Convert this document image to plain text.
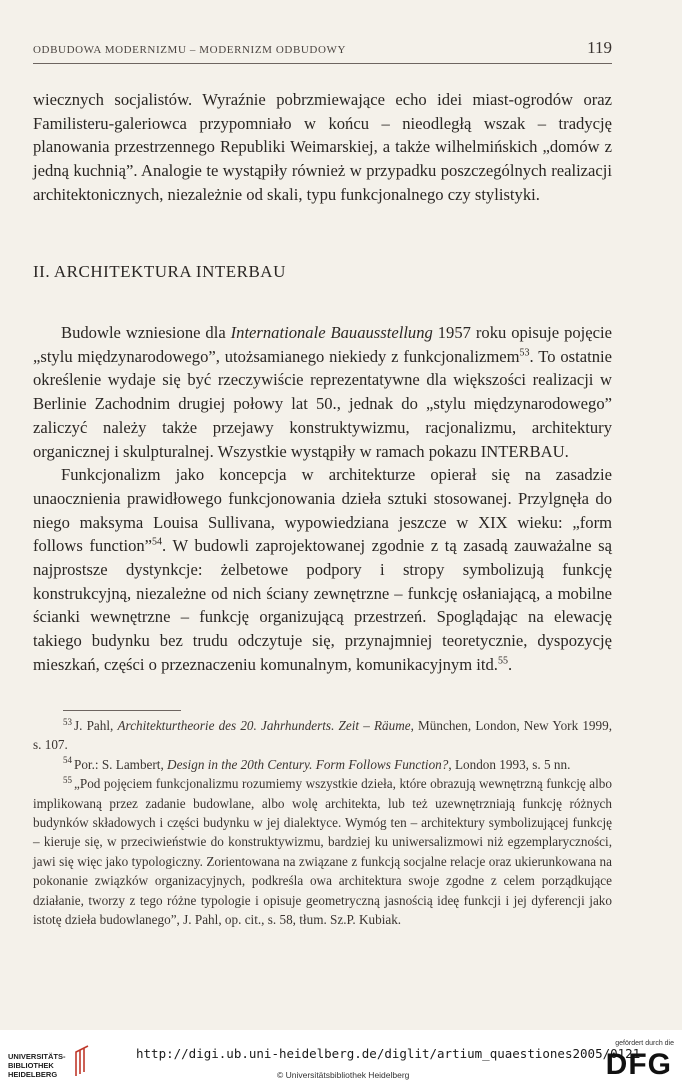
ODBUDOWA MODERNIZMU – MODERNIZM ODBUDOWY	119

wiecznych socjalistów. Wyraźnie pobrzmiewające echo idei miast-ogrodów oraz Familisteru-galeriowca przypomniało w końcu – nieodległą wszak – tradycję planowania przestrzennego Republiki Weimarskiej, a także wilhelmińskich „domów z jedną kuchnią”. Analogie te wystąpiły również w przypadku poszczególnych realizacji architektonicznych, niezależnie od skali, typu funkcjonalnego czy stylistyki.

II. ARCHITEKTURA INTERBAU

Budowle wzniesione dla Internationale Bauausstellung 1957 roku opisuje pojęcie „stylu międzynarodowego”, utożsamianego niekiedy z funkcjonalizmem$^{53}$. To ostatnie określenie wydaje się być rzeczywiście reprezentatywne dla większości realizacji w Berlinie Zachodnim drugiej połowy lat 50., jednak do „stylu międzynarodowego” zaliczyć należy także przejawy konstruktywizmu, racjonalizmu, architektury organicznej i skulpturalnej. Wszystkie wystąpiły w ramach pokazu INTERBAU.

Funkcjonalizm jako koncepcja w architekturze opierał się na zasadzie unaocznienia prawidłowego funkcjonowania dzieła sztuki stosowanej. Przylgnęła do niego maksyma Louisa Sullivana, wypowiedziana jeszcze w XIX wieku: „form follows function”$^{54}$. W budowli zaprojektowanej zgodnie z tą zasadą zauważalne są najprostsze dystynkcje: żelbetowe podpory i stropy symbolizują funkcję konstrukcyjną, niezależne od nich ściany zewnętrzne – funkcję osłaniającą, a mobilne ścianki wewnętrzne – funkcję organizującą przestrzeń. Spoglądając na elewację takiego budynku bez trudu odczytuje się, przynajmniej teoretycznie, dyspozycję mieszkań, części o przeznaczeniu komunalnym, komunikacyjnym itd.$^{55}$.

$^{53}$ J. Pahl, Architekturtheorie des 20. Jahrhunderts. Zeit – Räume, München, London, New York 1999, s. 107.

$^{54}$ Por.: S. Lambert, Design in the 20th Century. Form Follows Function?, London 1993, s. 5 nn.

$^{55}$ „Pod pojęciem funkcjonalizmu rozumiemy wszystkie dzieła, które obrazują wewnętrzną funkcję albo implikowaną przez zadanie budowlane, albo wolę architekta, lub też uzewnętrzniają funkcję różnych budynków składowych i części budynku w jej dialektyce. Wymóg ten – architektury symbolizującej funkcję – kieruje się, w przeciwieństwie do konstruktywizmu, bardziej ku uniwersalizmowi niż egzemplaryczności, jawi się więc jako typologiczny. Zorientowana na związane z funkcją socjalne relacje oraz ukierunkowana na pokonanie związków organizacyjnych, podkreśla owa architektura swoje zgodne z celem porządkujące działanie, tworzy z tego różne typologie i opisuje geometryczną jasnością ideę funkcji i jej dyferencji jako istotę dzieła budowlanego”, J. Pahl, op. cit., s. 58, tłum. Sz.P. Kubiak.

UNIVERSITÄTS-
BIBLIOTHEK
HEIDELBERG
http://digi.ub.uni-heidelberg.de/diglit/artium_quaestiones2005/0121
© Universitätsbibliothek Heidelberg
gefördert durch die
DFG
